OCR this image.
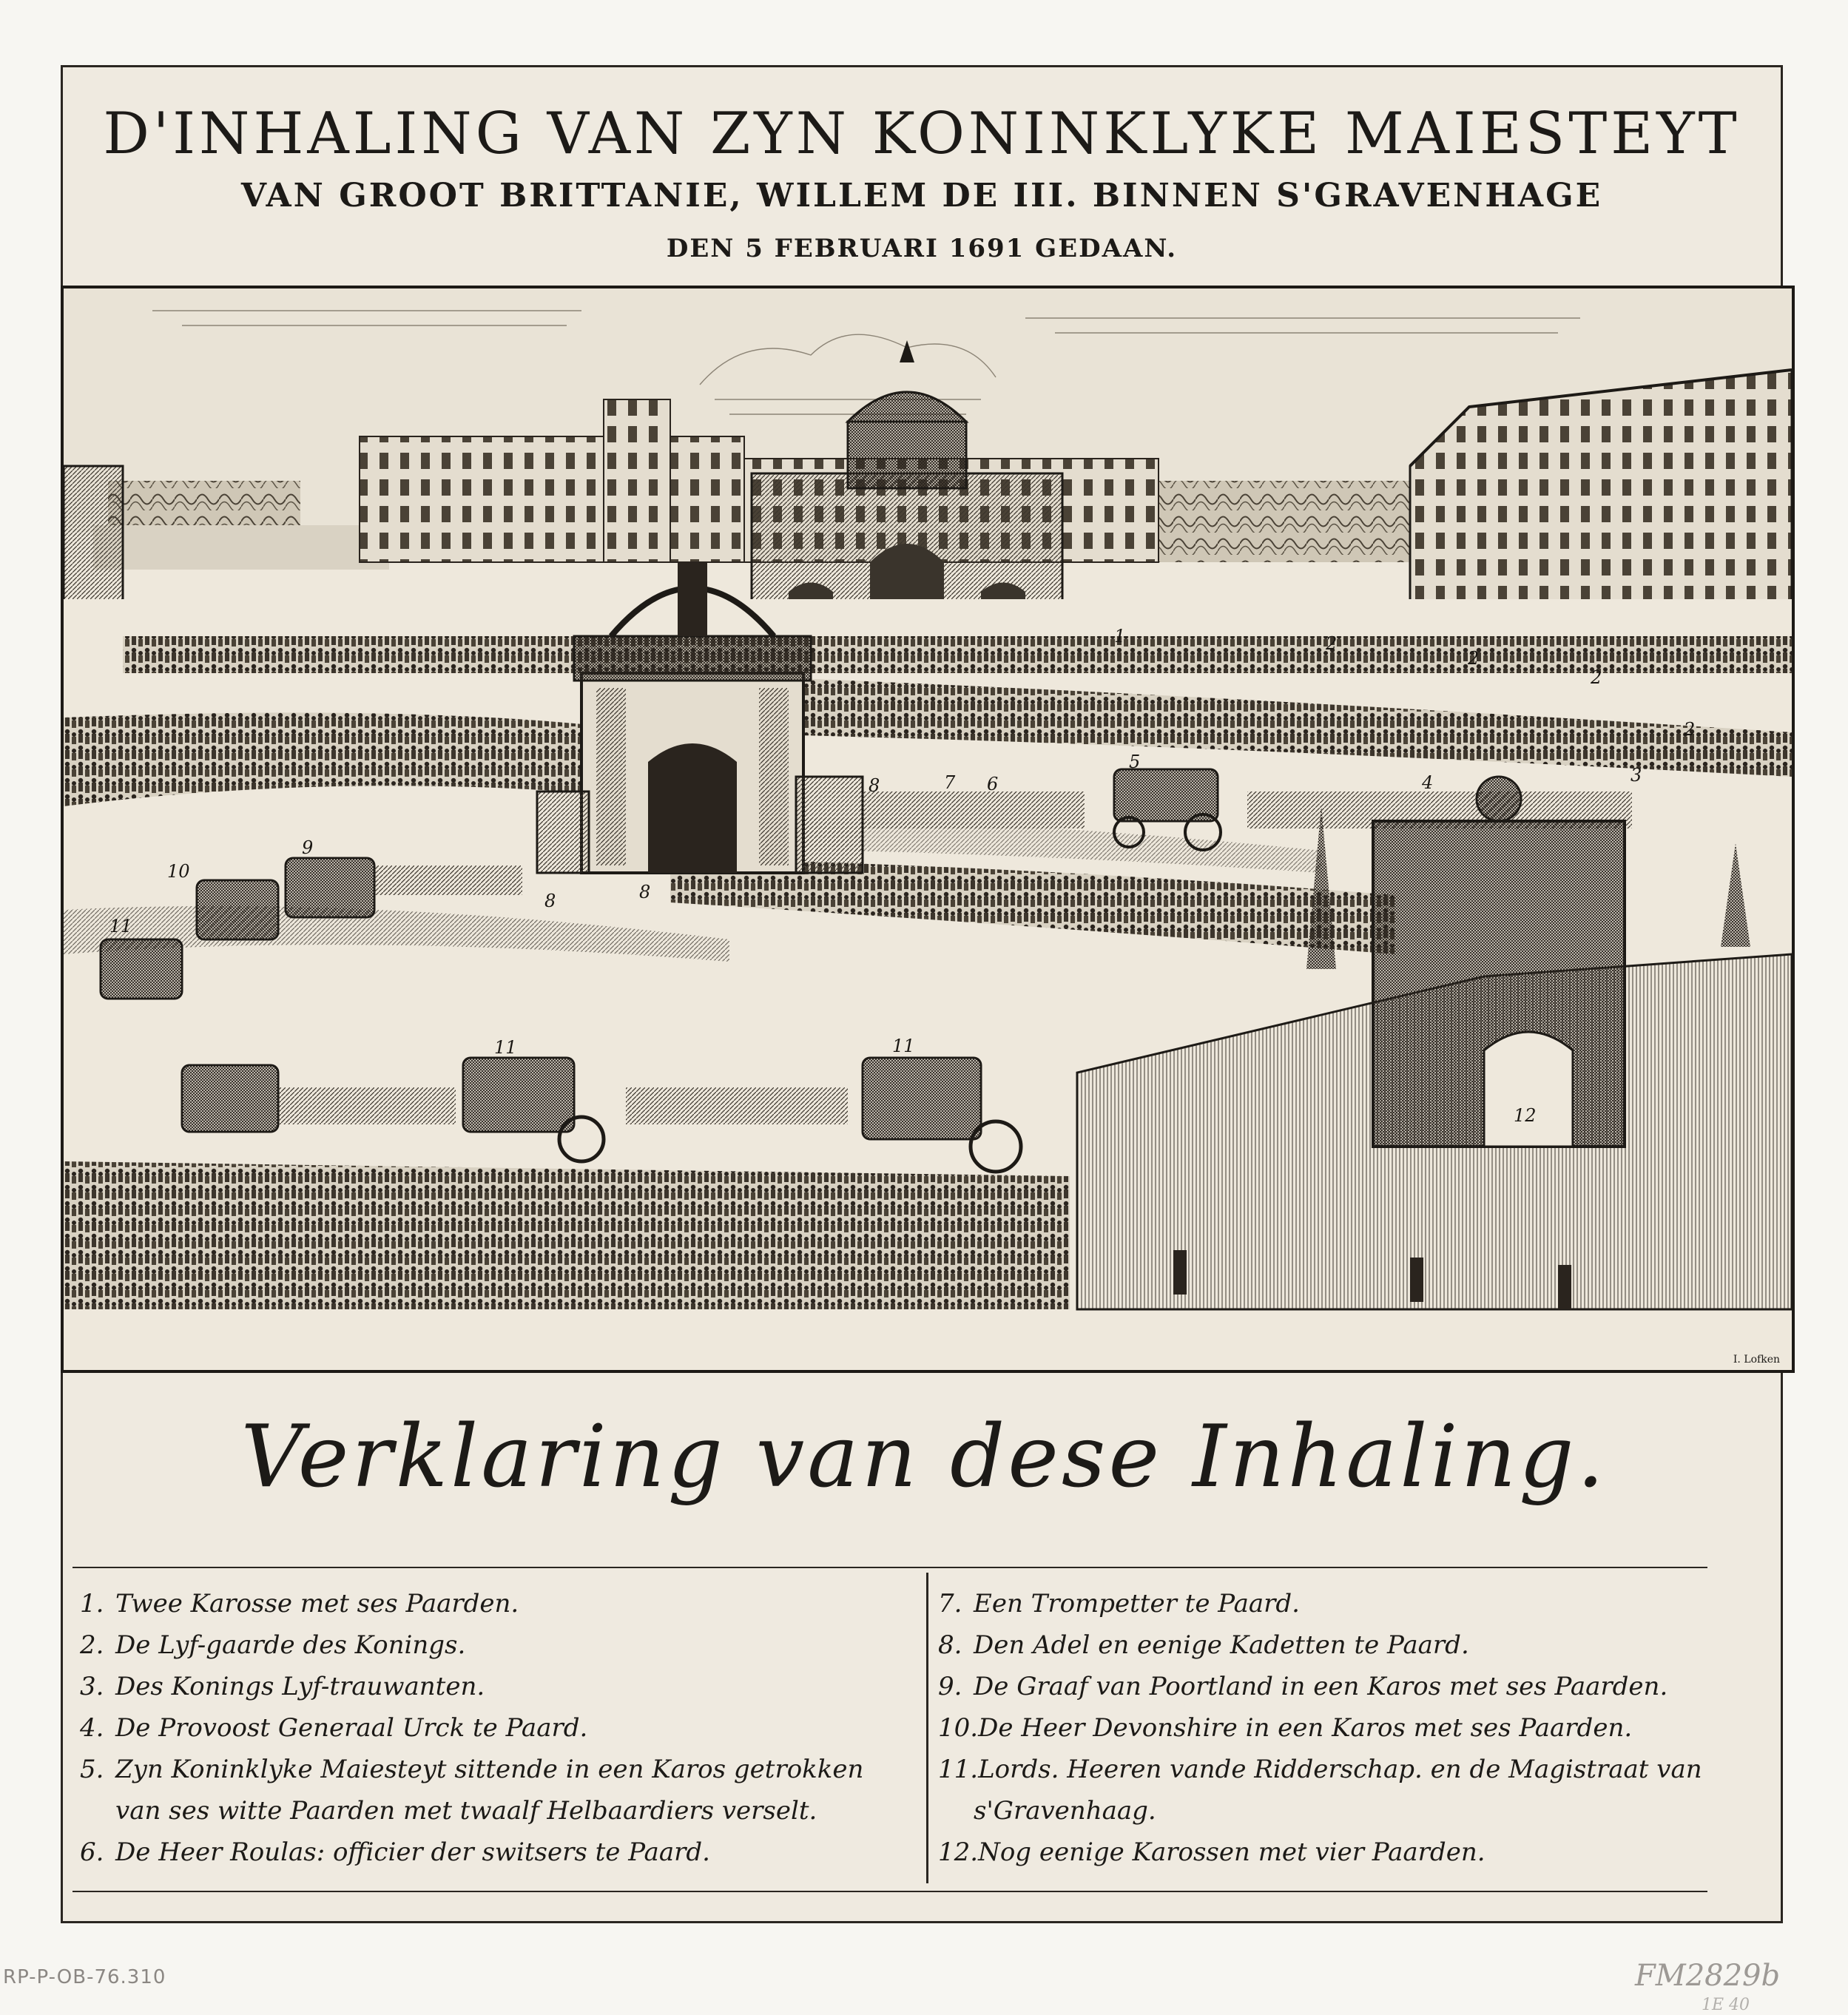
D'INHALING VAN ZYN KONINKLYKE MAIESTEYT
VAN GROOT BRITTANIE, WILLEM DE III. BINNEN S'GRAVENHAGE
DEN 5 FEBRUARI 1691 GEDAAN.
1	2
2
2
2
3
4
5
6
7
8
8	8
9
10
11
11	11
12
I. Lofken
Verklaring van dese Inhaling.
1. Twee Karosse met ses Paarden.
2. De Lyf-gaarde des Konings.
3. Des Konings Lyf-trauwanten.
4. De Provoost Generaal Urck te Paard.
5. Zyn Koninklyke Maiesteyt sittende in een Karos getrokken
van ses witte Paarden met twaalf Helbaardiers verselt.
6. De Heer Roulas: officier der switsers te Paard.
7. Een Trompetter te Paard.
8. Den Adel en eenige Kadetten te Paard.
9. De Graaf van Poortland in een Karos met ses Paarden.
10.De Heer Devonshire in een Karos met ses Paarden.
11.Lords. Heeren vande Ridderschap. en de Magistraat van
s'Gravenhaag.
12.Nog eenige Karossen met vier Paarden.
RP-P-OB-76.310	FM2829b
1E 40
